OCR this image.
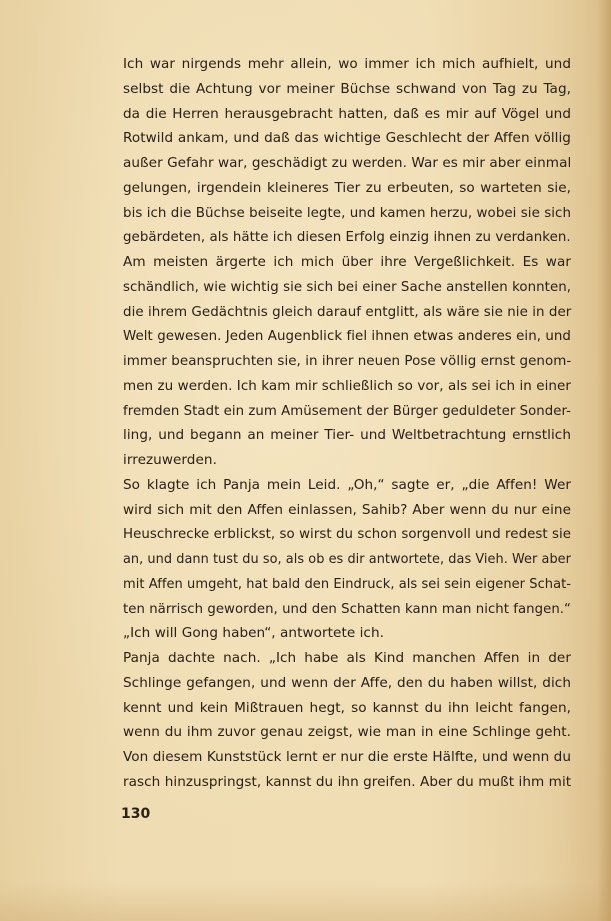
Ich war nirgends mehr allein, wo immer ich mich aufhielt, und
selbst die Achtung vor meiner Büchse schwand von Tag zu Tag,
da die Herren herausgebracht hatten, daß es mir auf Vögel und
Rotwild ankam, und daß das wichtige Geschlecht der Affen völlig
außer Gefahr war, geschädigt zu werden. War es mir aber einmal
gelungen, irgendein kleineres Tier zu erbeuten, so warteten sie,
bis ich die Büchse beiseite legte, und kamen herzu, wobei sie sich
gebärdeten, als hätte ich diesen Erfolg einzig ihnen zu verdanken.
Am meisten ärgerte ich mich über ihre Vergeßlichkeit. Es war
schändlich, wie wichtig sie sich bei einer Sache anstellen konnten,
die ihrem Gedächtnis gleich darauf entglitt, als wäre sie nie in der
Welt gewesen. Jeden Augenblick fiel ihnen etwas anderes ein, und
immer beanspruchten sie, in ihrer neuen Pose völlig ernst genom-
men zu werden. Ich kam mir schließlich so vor, als sei ich in einer
fremden Stadt ein zum Amüsement der Bürger geduldeter Sonder-
ling, und begann an meiner Tier- und Weltbetrachtung ernstlich
irrezuwerden.
So klagte ich Panja mein Leid. „Oh,“ sagte er, „die Affen! Wer
wird sich mit den Affen einlassen, Sahib? Aber wenn du nur eine
Heuschrecke erblickst, so wirst du schon sorgenvoll und redest sie
an, und dann tust du so, als ob es dir antwortete, das Vieh. Wer aber
mit Affen umgeht, hat bald den Eindruck, als sei sein eigener Schat-
ten närrisch geworden, und den Schatten kann man nicht fangen.“
„Ich will Gong haben“, antwortete ich.
Panja dachte nach. „Ich habe als Kind manchen Affen in der
Schlinge gefangen, und wenn der Affe, den du haben willst, dich
kennt und kein Mißtrauen hegt, so kannst du ihn leicht fangen,
wenn du ihm zuvor genau zeigst, wie man in eine Schlinge geht.
Von diesem Kunststück lernt er nur die erste Hälfte, und wenn du
rasch hinzuspringst, kannst du ihn greifen. Aber du mußt ihm mit
130
